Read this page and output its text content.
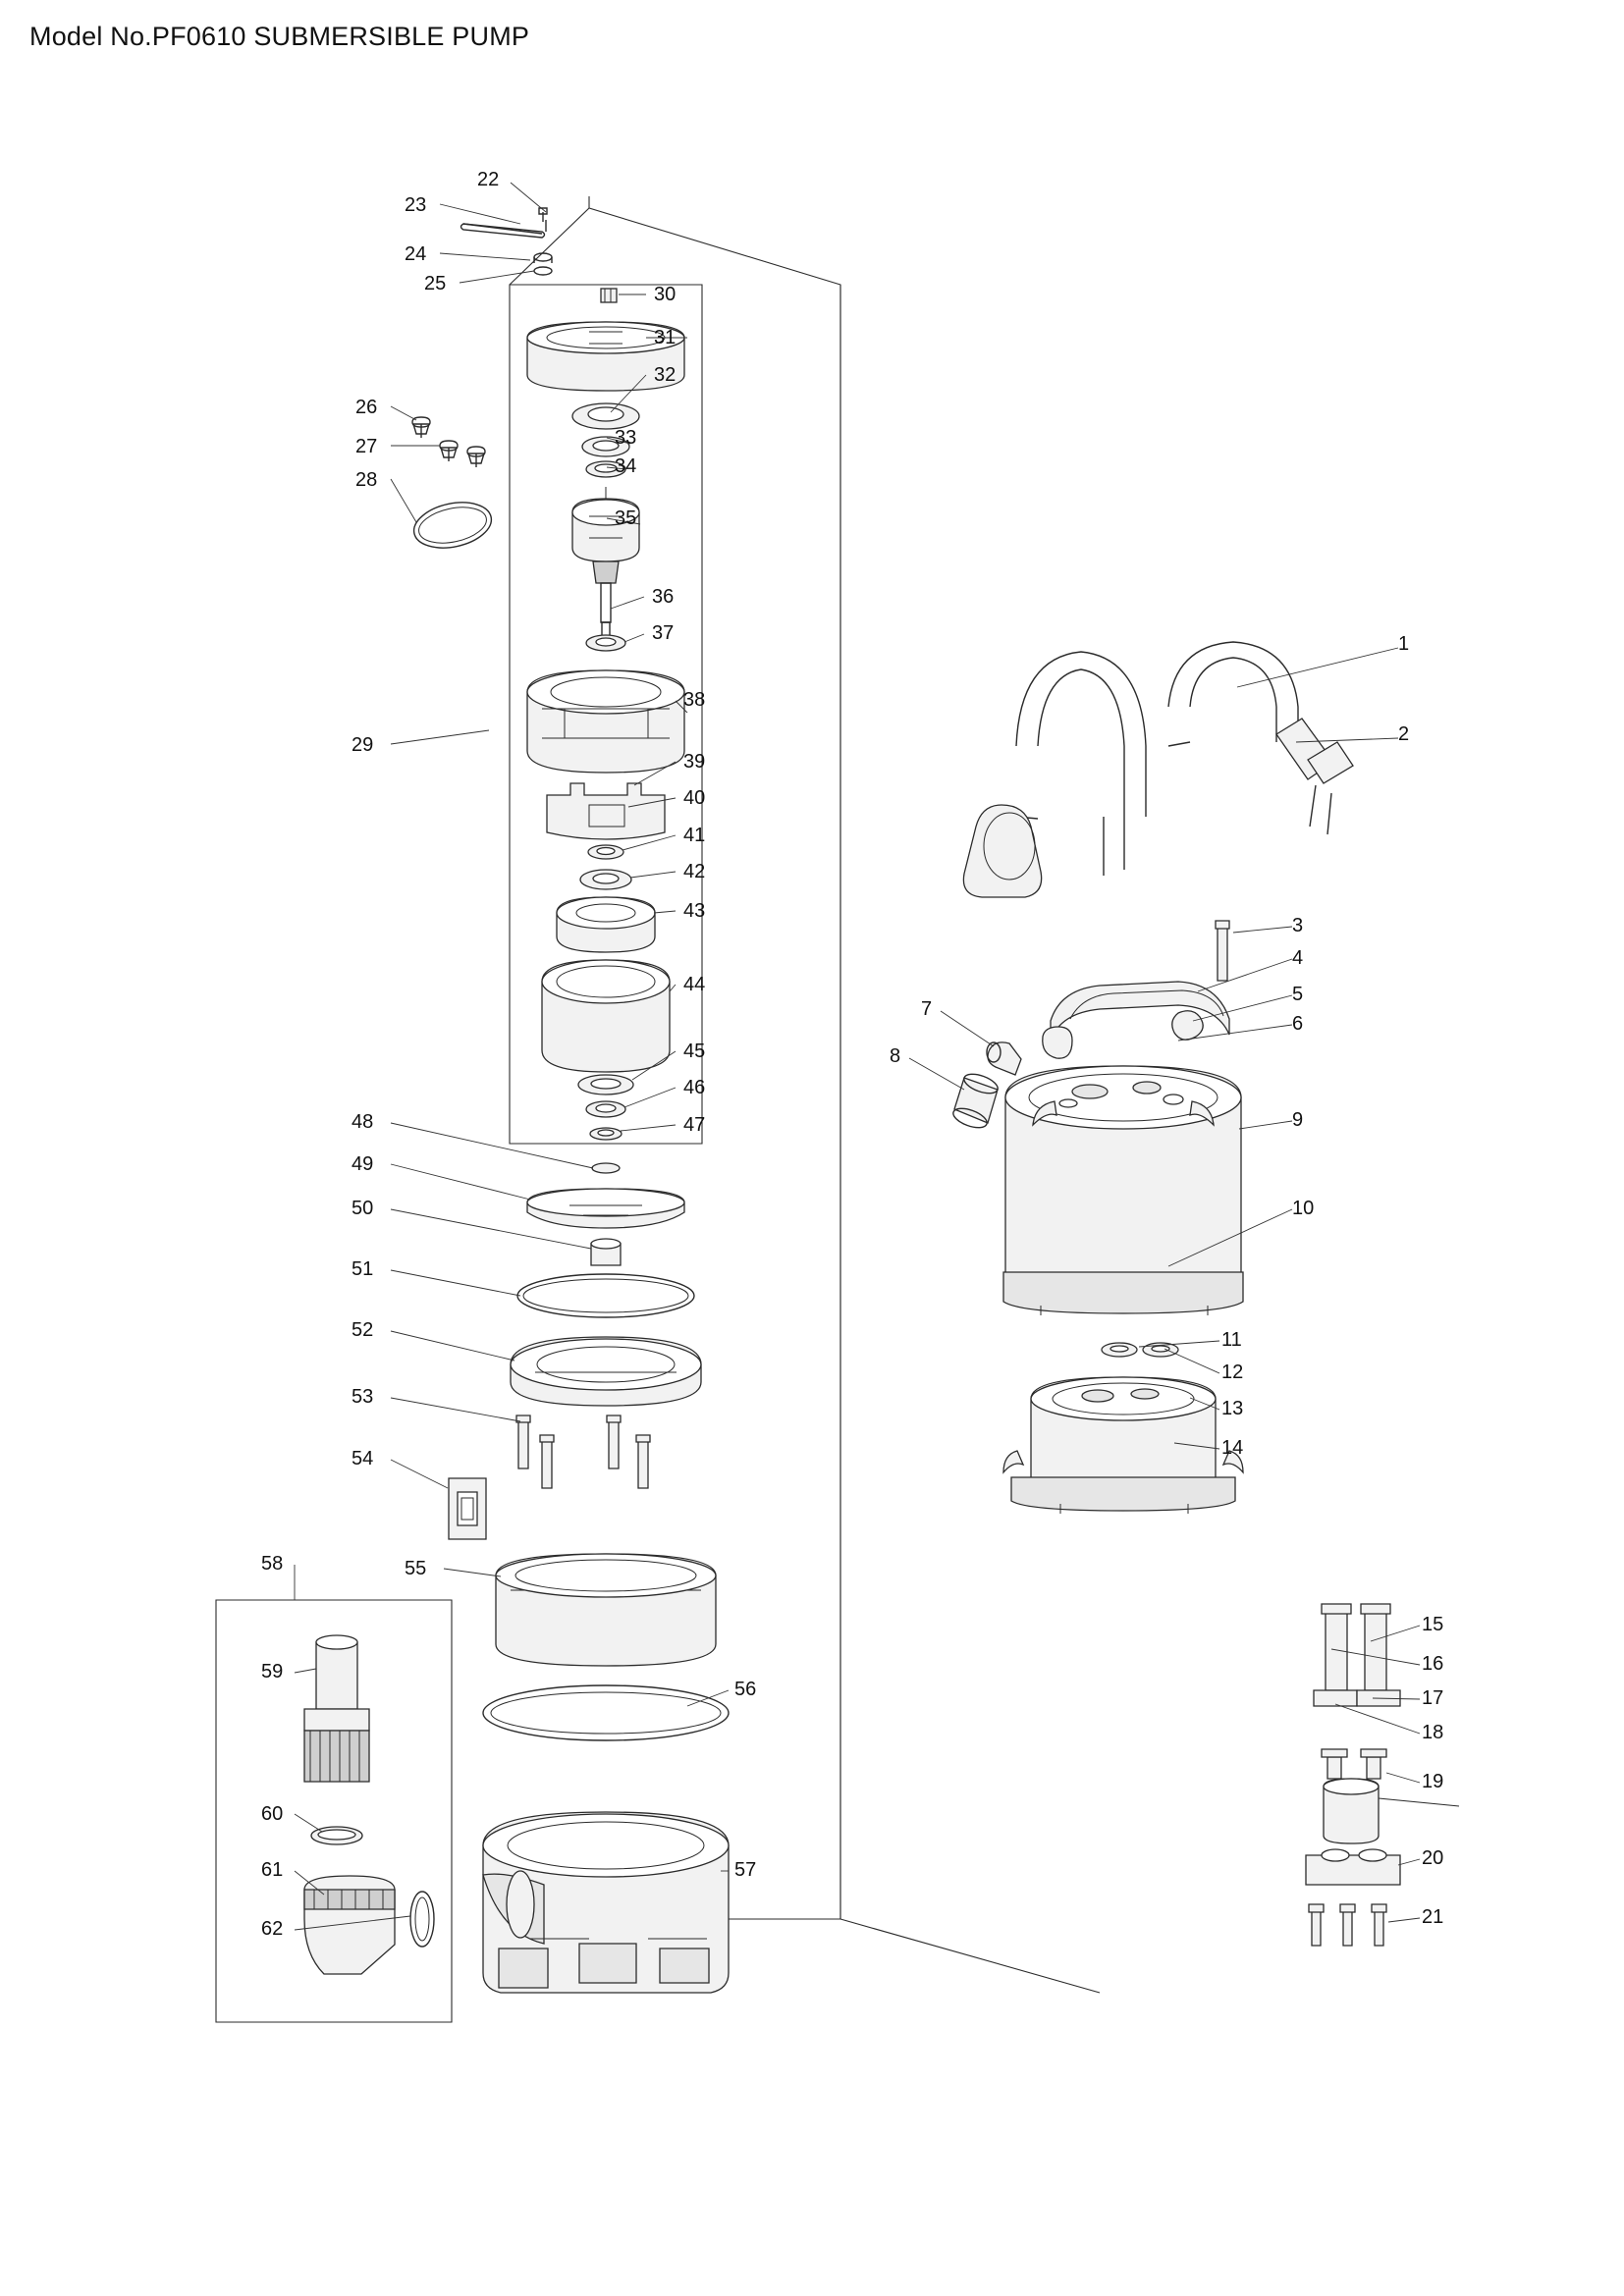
Model No.PF0610 SUBMERSIBLE PUMP
1
2
3
4
5
6
7
8
9
10
11
12
13
14
15
16
17
18
19
20
21
22
23
24
25
26
27
28
29
30
31
32
33
34
35
36
37
38
39
40
41
42
43
44
45
46
47
48
49
50
51
52
53
54
55
56
57
58
59
60
61
62
